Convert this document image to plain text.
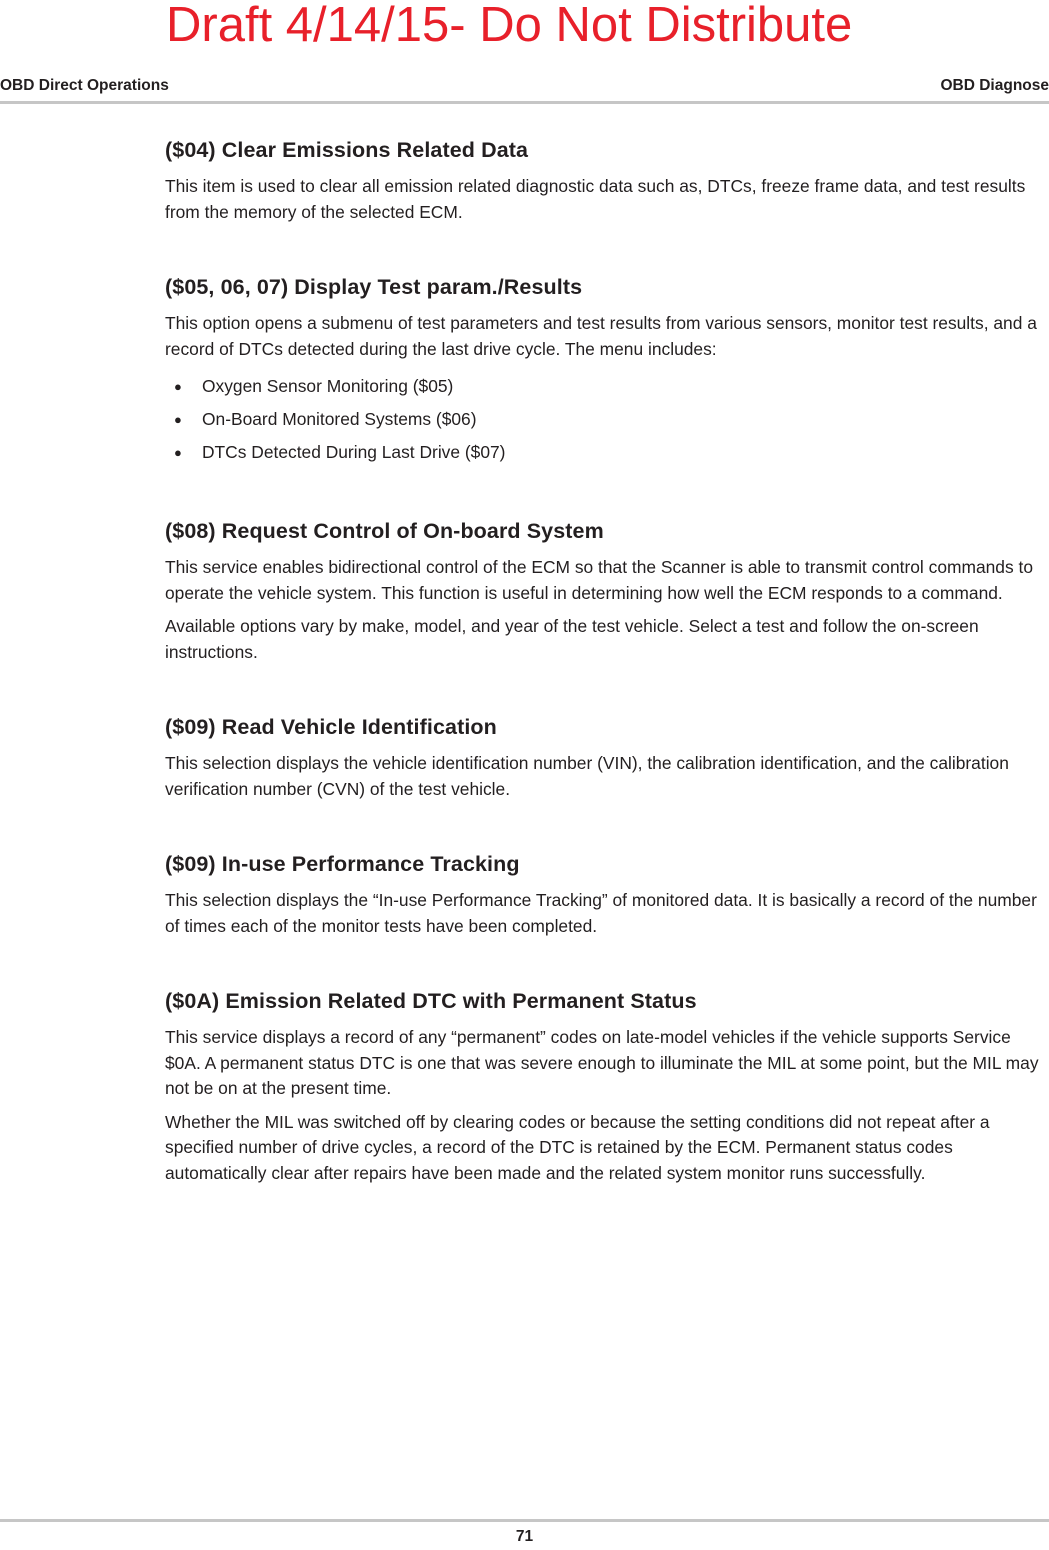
Draft 4/14/15- Do Not Distribute
OBD Direct Operations	OBD Diagnose
($04) Clear Emissions Related Data

This item is used to clear all emission related diagnostic data such as, DTCs, freeze frame data, and test results from the memory of the selected ECM.

($05, 06, 07) Display Test param./Results

This option opens a submenu of test parameters and test results from various sensors, monitor test results, and a record of DTCs detected during the last drive cycle. The menu includes:

● Oxygen Sensor Monitoring ($05)
● On-Board Monitored Systems ($06)
● DTCs Detected During Last Drive ($07)
($08) Request Control of On-board System

This service enables bidirectional control of the ECM so that the Scanner is able to transmit control commands to operate the vehicle system. This function is useful in determining how well the ECM responds to a command.

Available options vary by make, model, and year of the test vehicle. Select a test and follow the on-screen instructions.

($09) Read Vehicle Identification

This selection displays the vehicle identification number (VIN), the calibration identification, and the calibration verification number (CVN) of the test vehicle.

($09) In-use Performance Tracking

This selection displays the “In-use Performance Tracking” of monitored data. It is basically a record of the number of times each of the monitor tests have been completed.

($0A) Emission Related DTC with Permanent Status

This service displays a record of any “permanent” codes on late-model vehicles if the vehicle supports Service $0A. A permanent status DTC is one that was severe enough to illuminate the MIL at some point, but the MIL may not be on at the present time.

Whether the MIL was switched off by clearing codes or because the setting conditions did not repeat after a specified number of drive cycles, a record of the DTC is retained by the ECM. Permanent status codes automatically clear after repairs have been made and the related system monitor runs successfully.

71
